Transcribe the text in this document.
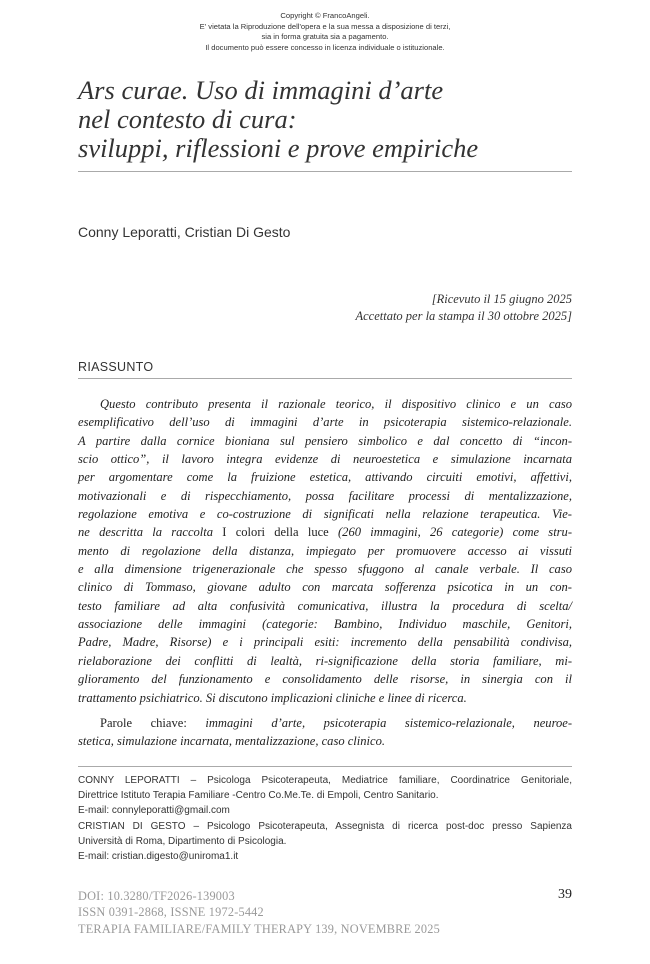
Copyright © FrancoAngeli.
E' vietata la Riproduzione dell'opera e la sua messa a disposizione di terzi,
sia in forma gratuita sia a pagamento.
Il documento può essere concesso in licenza individuale o istituzionale.
Ars curae. Uso di immagini d’arte
nel contesto di cura:
sviluppi, riflessioni e prove empiriche
Conny Leporatti, Cristian Di Gesto
[Ricevuto il 15 giugno 2025
Accettato per la stampa il 30 ottobre 2025]
RIASSUNTO
Questo contributo presenta il razionale teorico, il dispositivo clinico e un caso
esemplificativo dell’uso di immagini d’arte in psicoterapia sistemico-relazionale.
A partire dalla cornice bioniana sul pensiero simbolico e dal concetto di “incon-
scio ottico”, il lavoro integra evidenze di neuroestetica e simulazione incarnata
per argomentare come la fruizione estetica, attivando circuiti emotivi, affettivi,
motivazionali e di rispecchiamento, possa facilitare processi di mentalizzazione,
regolazione emotiva e co-costruzione di significati nella relazione terapeutica. Vie-
ne descritta la raccolta I colori della luce (260 immagini, 26 categorie) come stru-
mento di regolazione della distanza, impiegato per promuovere accesso ai vissuti
e alla dimensione trigenerazionale che spesso sfuggono al canale verbale. Il caso
clinico di Tommaso, giovane adulto con marcata sofferenza psicotica in un con-
testo familiare ad alta confusività comunicativa, illustra la procedura di scelta/
associazione delle immagini (categorie: Bambino, Individuo maschile, Genitori,
Padre, Madre, Risorse) e i principali esiti: incremento della pensabilità condivisa,
rielaborazione dei conflitti di lealtà, ri-significazione della storia familiare, mi-
glioramento del funzionamento e consolidamento delle risorse, in sinergia con il
trattamento psichiatrico. Si discutono implicazioni cliniche e linee di ricerca.
Parole chiave: immagini d’arte, psicoterapia sistemico-relazionale, neuroe-
stetica, simulazione incarnata, mentalizzazione, caso clinico.
CONNY LEPORATTI – Psicologa Psicoterapeuta, Mediatrice familiare, Coordinatrice Genitoriale,
Direttrice Istituto Terapia Familiare -Centro Co.Me.Te. di Empoli, Centro Sanitario.
E-mail: connyleporatti@gmail.com
CRISTIAN DI GESTO – Psicologo Psicoterapeuta, Assegnista di ricerca post-doc presso Sapienza
Università di Roma, Dipartimento di Psicologia.
E-mail: cristian.digesto@uniroma1.it
DOI: 10.3280/TF2026-139003
ISSN 0391-2868, ISSNE 1972-5442
TERAPIA FAMILIARE/FAMILY THERAPY 139, NOVEMBRE 2025
39
